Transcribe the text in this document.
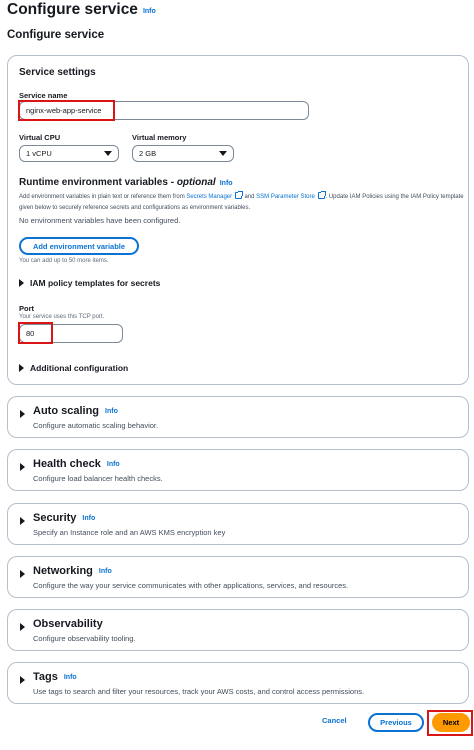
Configure service Info
Configure service
Service settings
Service name
nginx-web-app-service
Virtual CPU
1 vCPU
Virtual memory
2 GB
Runtime environment variables - optional Info
Add environment variables in plain text or reference them from Secrets Manager  and SSM Parameter Store . Update IAM Policies using the IAM Policy template given below to securely reference secrets and configurations as environment variables.
No environment variables have been configured.
Add environment variable
You can add up to 50 more items.
IAM policy templates for secrets
Port
Your service uses this TCP port.
80
Additional configuration
Auto scaling Info
Configure automatic scaling behavior.
Health check Info
Configure load balancer health checks.
Security Info
Specify an Instance role and an AWS KMS encryption key
Networking Info
Configure the way your service communicates with other applications, services, and resources.
Observability
Configure observability tooling.
Tags Info
Use tags to search and filter your resources, track your AWS costs, and control access permissions.
Cancel	Previous	Next
